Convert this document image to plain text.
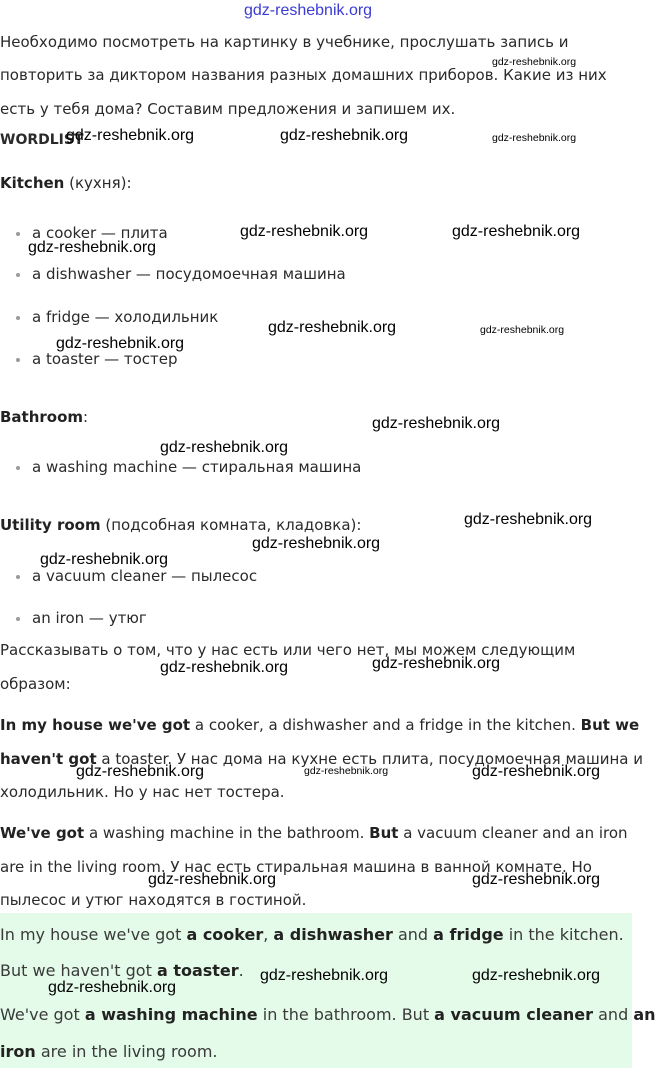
Необходимо посмотреть на картинку в учебнике, прослушать запись и

повторить за диктором названия разных домашних приборов. Какие из них

есть у тебя дома? Составим предложения и запишем их.

WORDLIST

Kitchen (кухня):

a cooker — плита

a dishwasher — посудомоечная машина

a fridge — холодильник

a toaster — тостер

Bathroom:

a washing machine — стиральная машина

Utility room (подсобная комната, кладовка):

a vacuum cleaner — пылесос

an iron — утюг

Рассказывать о том, что у нас есть или чего нет, мы можем следующим

образом:

In my house we've got a cooker, a dishwasher and a fridge in the kitchen. But we

haven't got a toaster. У нас дома на кухне есть плита, посудомоечная машина и

холодильник. Но у нас нет тостера.

We've got a washing machine in the bathroom. But a vacuum cleaner and an iron

are in the living room. У нас есть стиральная машина в ванной комнате. Но

пылесос и утюг находятся в гостиной.

In my house we've got a cooker, a dishwasher and a fridge in the kitchen.

But we haven't got a toaster.

We've got a washing machine in the bathroom. But a vacuum cleaner and an

iron are in the living room.

gdz-reshebnik.org
gdz-reshebnik.org
gdz-reshebnik.org	gdz-reshebnik.org	gdz-reshebnik.org
gdz-reshebnik.org	gdz-reshebnik.org
gdz-reshebnik.org
gdz-reshebnik.org	gdz-reshebnik.org
gdz-reshebnik.org
gdz-reshebnik.org
gdz-reshebnik.org
gdz-reshebnik.org
gdz-reshebnik.org
gdz-reshebnik.org
gdz-reshebnik.org
gdz-reshebnik.org
gdz-reshebnik.org	gdz-reshebnik.org	gdz-reshebnik.org
gdz-reshebnik.org	gdz-reshebnik.org
gdz-reshebnik.org	gdz-reshebnik.org
gdz-reshebnik.org
